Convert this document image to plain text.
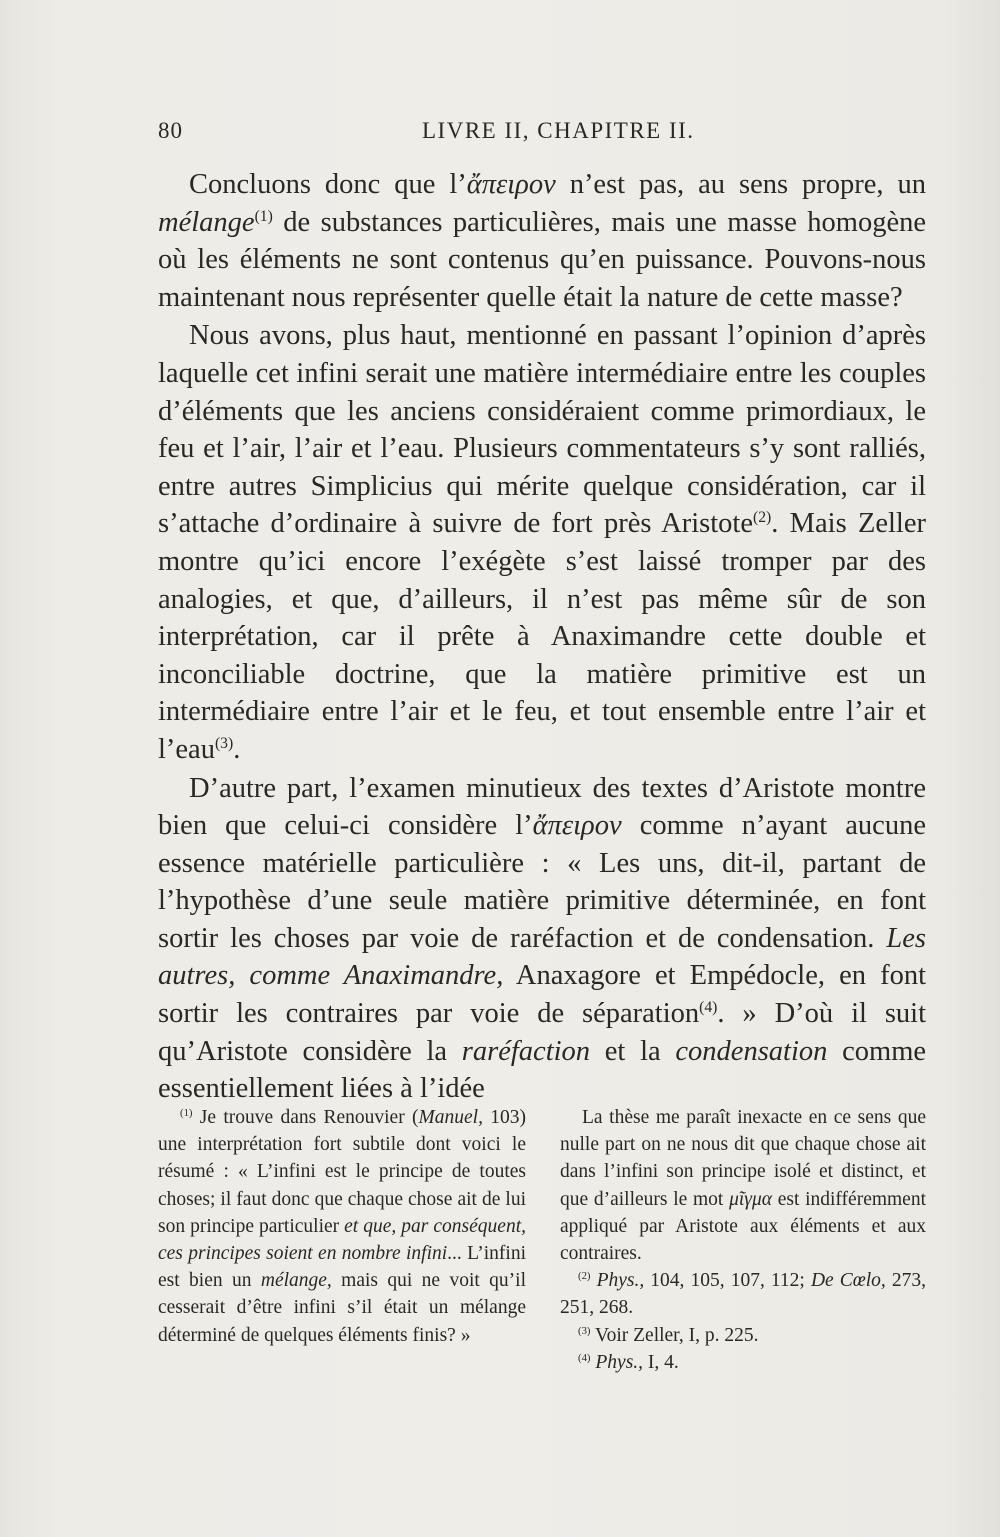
80	LIVRE II, CHAPITRE II.

Concluons donc que l’ἄπειρον n’est pas, au sens propre, un mélange$^{(1)}$ de substances particulières, mais une masse homogène où les éléments ne sont contenus qu’en puissance. Pouvons-nous maintenant nous représenter quelle était la nature de cette masse?

Nous avons, plus haut, mentionné en passant l’opinion d’après laquelle cet infini serait une matière intermédiaire entre les couples d’éléments que les anciens considéraient comme primordiaux, le feu et l’air, l’air et l’eau. Plusieurs commentateurs s’y sont ralliés, entre autres Simplicius qui mérite quelque considération, car il s’attache d’ordinaire à suivre de fort près Aristote$^{(2)}$. Mais Zeller montre qu’ici encore l’exégète s’est laissé tromper par des analogies, et que, d’ailleurs, il n’est pas même sûr de son interprétation, car il prête à Anaximandre cette double et inconciliable doctrine, que la matière primitive est un intermédiaire entre l’air et le feu, et tout ensemble entre l’air et l’eau$^{(3)}$.

D’autre part, l’examen minutieux des textes d’Aristote montre bien que celui-ci considère l’ἄπειρον comme n’ayant aucune essence matérielle particulière : « Les uns, dit-il, partant de l’hypothèse d’une seule matière primitive déterminée, en font sortir les choses par voie de raréfaction et de condensation. Les autres, comme Anaximandre, Anaxagore et Empédocle, en font sortir les contraires par voie de séparation$^{(4)}$. » D’où il suit qu’Aristote considère la raréfaction et la condensation comme essentiellement liées à l’idée

$^{(1)}$ Je trouve dans Renouvier (Manuel, 103) une interprétation fort subtile dont voici le résumé : « L’infini est le principe de toutes choses; il faut donc que chaque chose ait de lui son principe particulier et que, par conséquent, ces principes soient en nombre infini... L’infini est bien un mélange, mais qui ne voit qu’il cesserait d’être infini s’il était un mélange déterminé de quelques éléments finis? »

La thèse me paraît inexacte en ce sens que nulle part on ne nous dit que chaque chose ait dans l’infini son principe isolé et distinct, et que d’ailleurs le mot μῖγμα est indifféremment appliqué par Aristote aux éléments et aux contraires.

$^{(2)}$ Phys., 104, 105, 107, 112; De Cœlo, 273, 251, 268.

$^{(3)}$ Voir Zeller, I, p. 225.

$^{(4)}$ Phys., I, 4.
